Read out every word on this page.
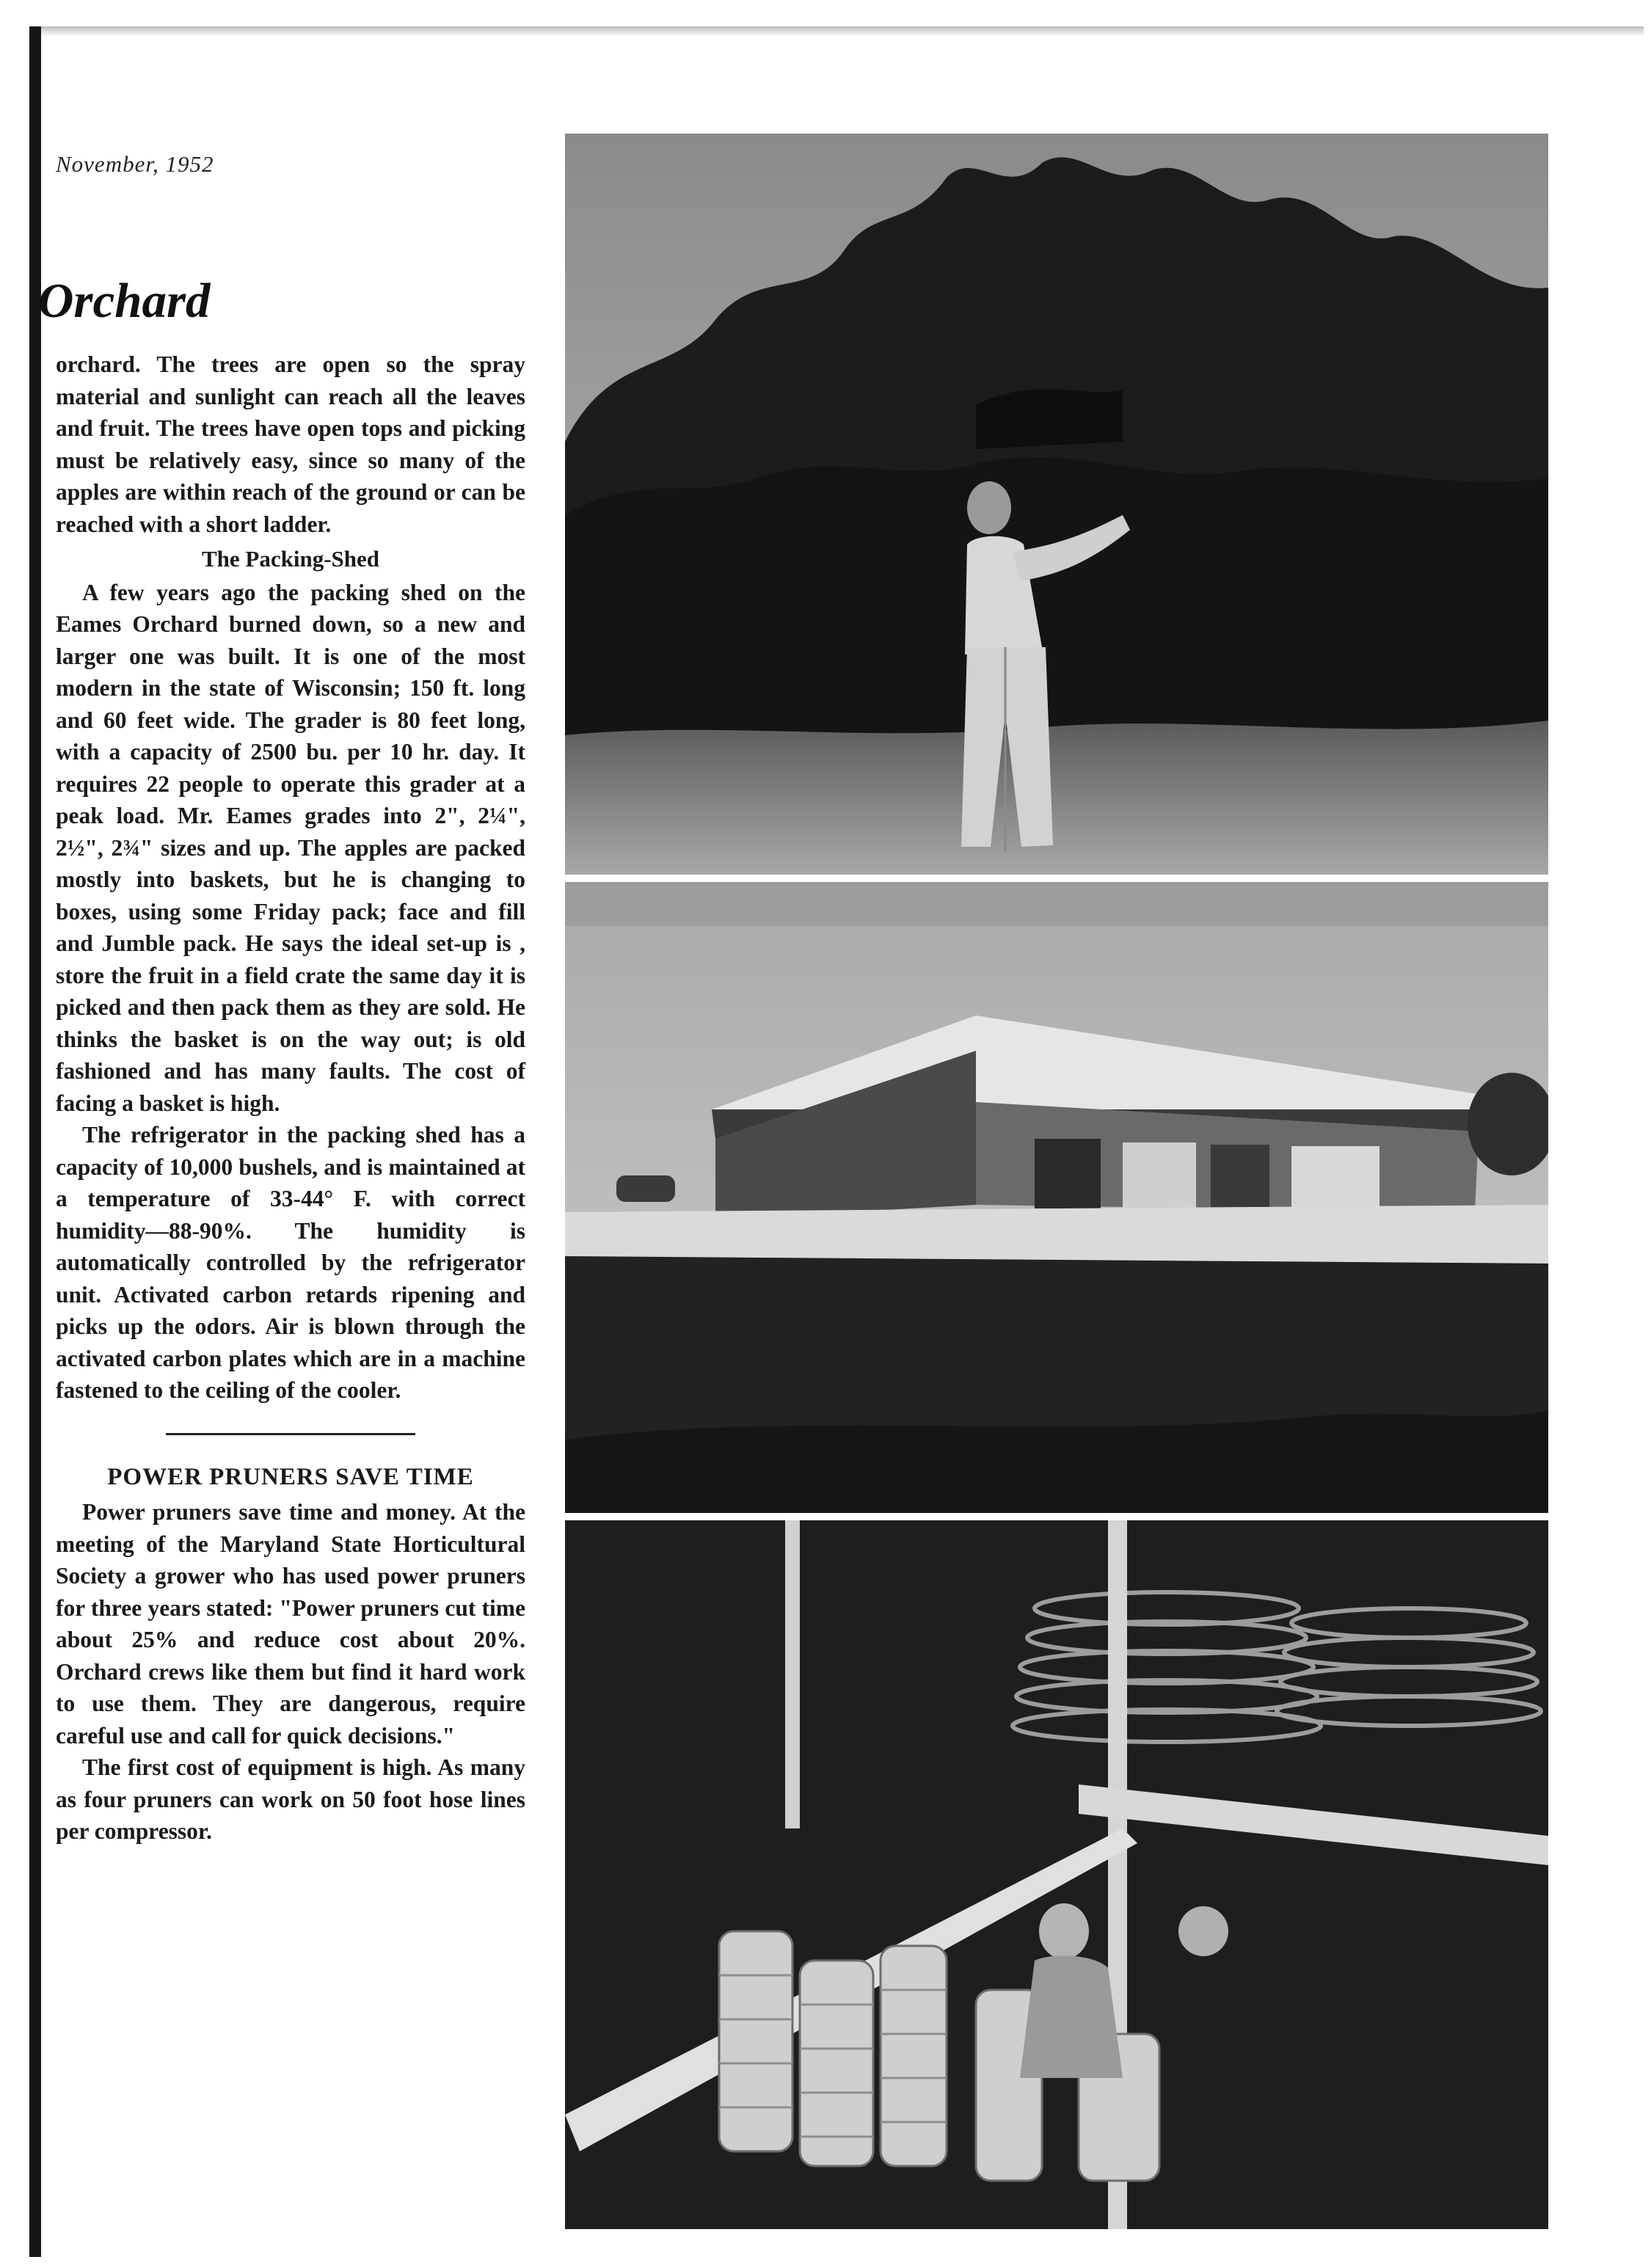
November, 1952
Orchard

orchard. The trees are open so the spray material and sunlight can reach all the leaves and fruit. The trees have open tops and picking must be relatively easy, since so many of the apples are within reach of the ground or can be reached with a short ladder.

The Packing-Shed

A few years ago the packing shed on the Eames Orchard burned down, so a new and larger one was built. It is one of the most modern in the state of Wisconsin; 150 ft. long and 60 feet wide. The grader is 80 feet long, with a capacity of 2500 bu. per 10 hr. day. It requires 22 people to operate this grader at a peak load. Mr. Eames grades into 2", 2¼", 2½", 2¾" sizes and up. The apples are packed mostly into baskets, but he is changing to boxes, using some Friday pack; face and fill and Jumble pack. He says the ideal set-up is , store the fruit in a field crate the same day it is picked and then pack them as they are sold. He thinks the basket is on the way out; is old fashioned and has many faults. The cost of facing a basket is high.

The refrigerator in the packing shed has a capacity of 10,000 bushels, and is maintained at a temperature of 33-44° F. with correct humidity—88-90%. The humidity is automatically controlled by the refrigerator unit. Activated carbon retards ripening and picks up the odors. Air is blown through the activated carbon plates which are in a machine fastened to the ceiling of the cooler.

POWER PRUNERS SAVE TIME

Power pruners save time and money. At the meeting of the Maryland State Horticultural Society a grower who has used power pruners for three years stated: "Power pruners cut time about 25% and reduce cost about 20%. Orchard crews like them but find it hard work to use them. They are dangerous, require careful use and call for quick decisions."

The first cost of equipment is high. As many as four pruners can work on 50 foot hose lines per compressor.
